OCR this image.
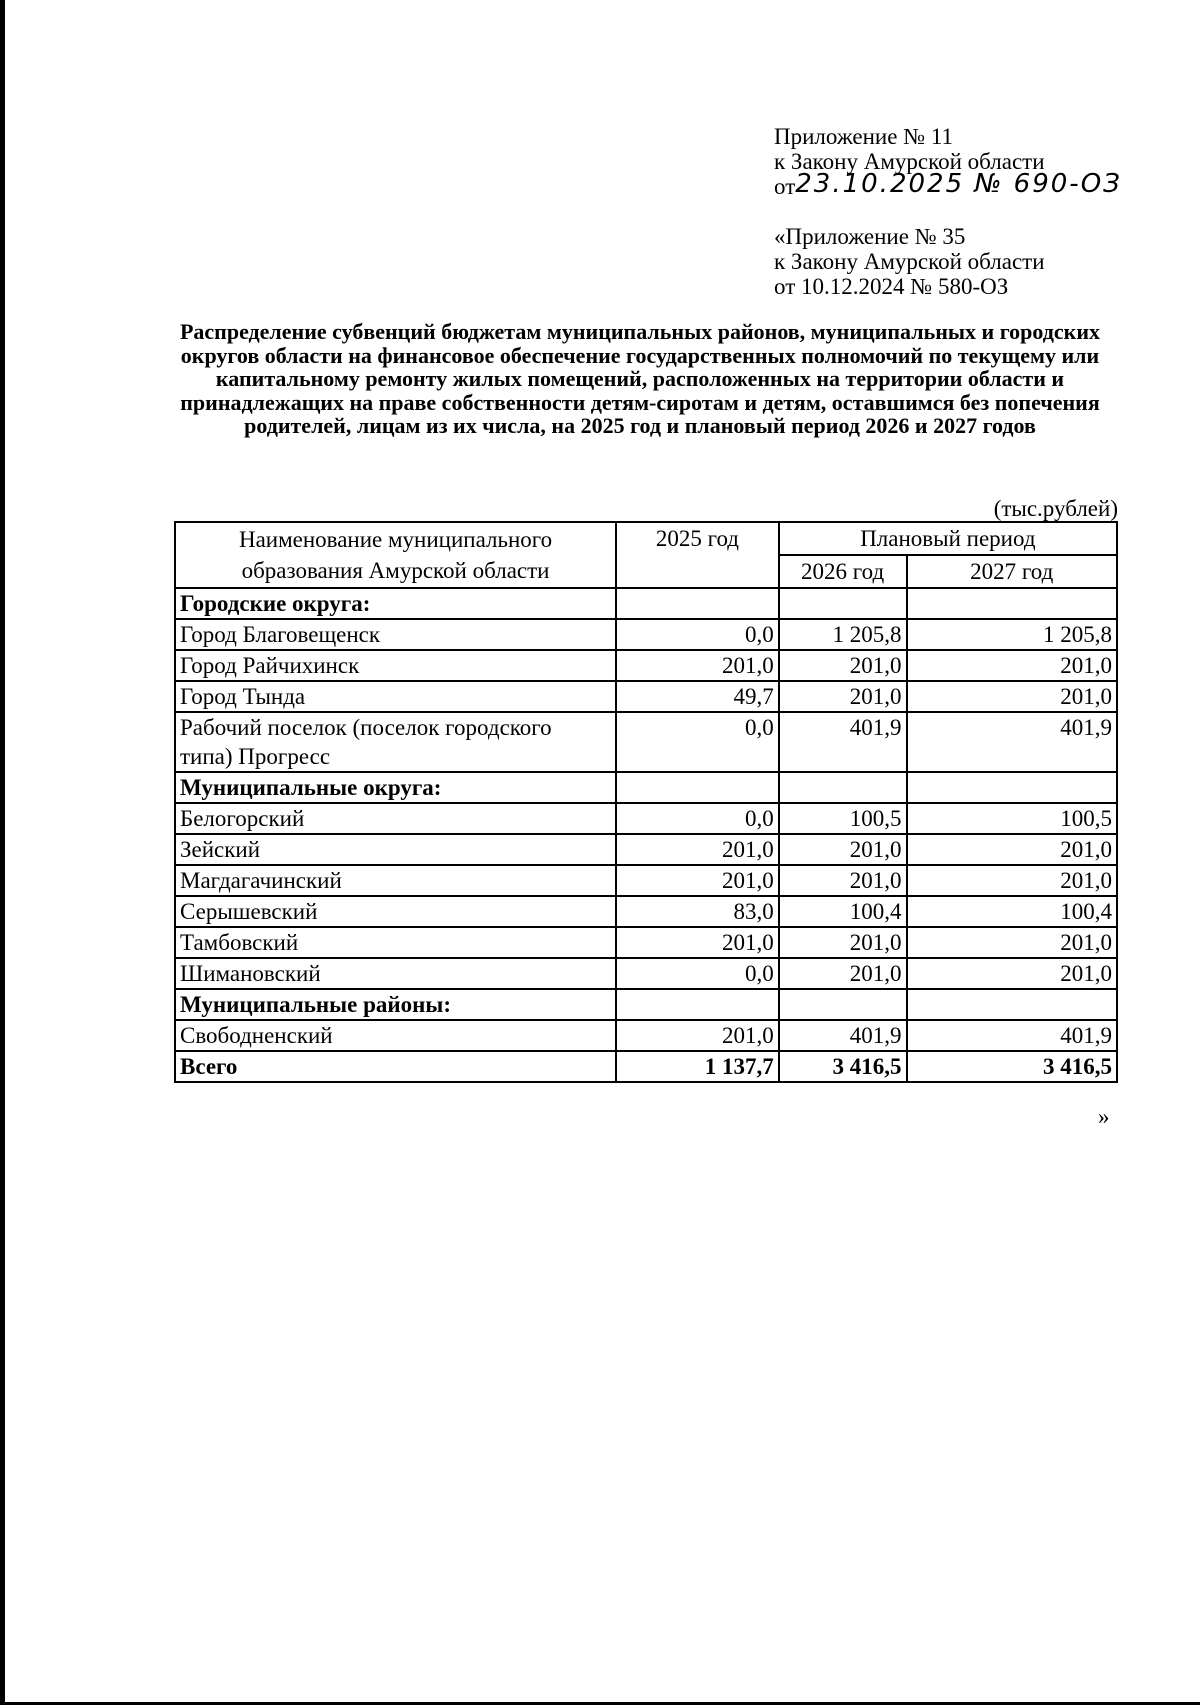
Приложение № 11
к Закону Амурской области
от23.10.2025 № 690-ОЗ
«Приложение № 35
к Закону Амурской области
от 10.12.2024 № 580-ОЗ
Распределение субвенций бюджетам муниципальных районов, муниципальных и городских округов области на финансовое обеспечение государственных полномочий по текущему или капитальному ремонту жилых помещений, расположенных на территории области и принадлежащих на праве собственности детям-сиротам и детям, оставшимся без попечения родителей, лицам из их числа, на 2025 год и плановый период 2026 и 2027 годов
(тыс.рублей)
Наименование муниципального образования Амурской области	2025 год	Плановый период	
		2026 год	2027 год
Городские округа:			
Город Благовещенск	0,0	1 205,8	1 205,8
Город Райчихинск	201,0	201,0	201,0
Город Тында	49,7	201,0	201,0
Рабочий поселок (поселок городского
типа) Прогресс	0,0	401,9	401,9
Муниципальные округа:			
Белогорский	0,0	100,5	100,5
Зейский	201,0	201,0	201,0
Магдагачинский	201,0	201,0	201,0
Серышевский	83,0	100,4	100,4
Тамбовский	201,0	201,0	201,0
Шимановский	0,0	201,0	201,0
Муниципальные районы:			
Свободненский	201,0	401,9	401,9
Всего	1 137,7	3 416,5	3 416,5
»
